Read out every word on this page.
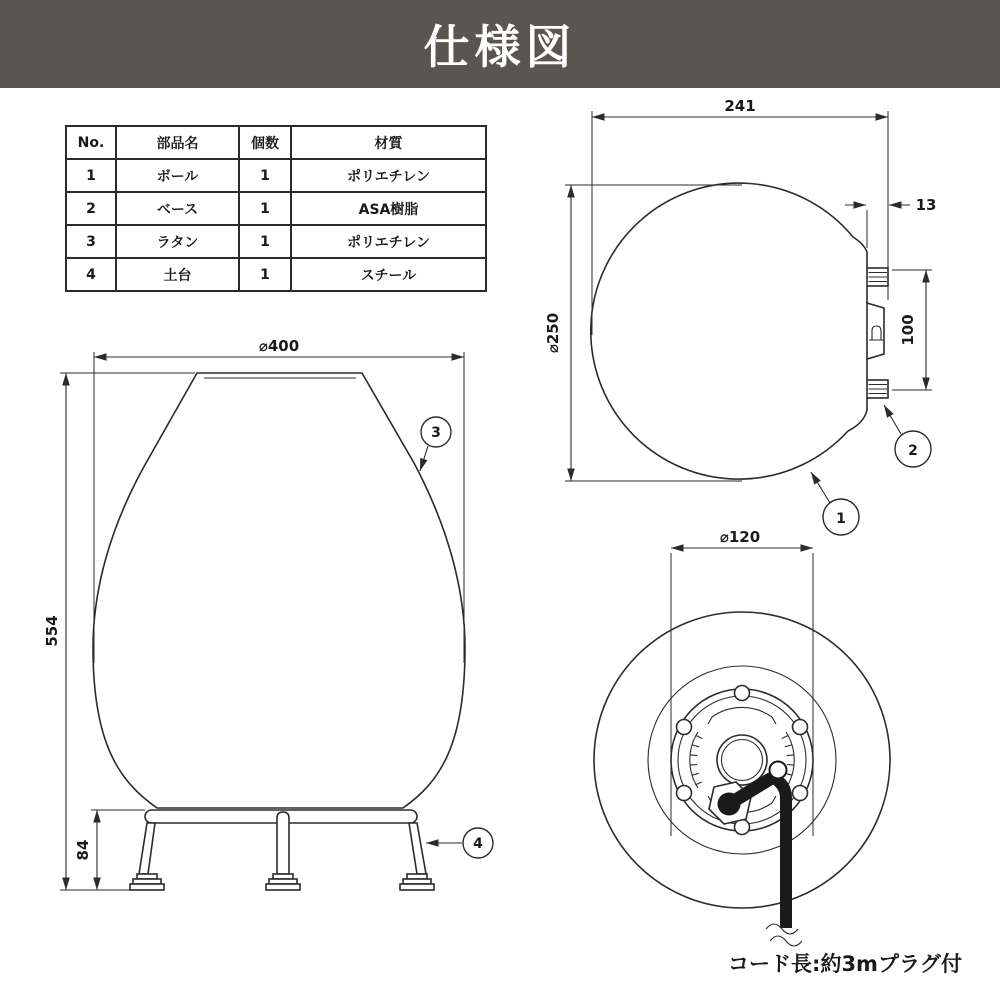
仕様図
No.	部品名	個数	材質
1	ボール	1	ポリエチレン
2	ベース	1	ASA樹脂
3	ラタン	1	ポリエチレン
4	土台	1	スチール
⌀400
554
84
3
4
241
⌀250
13
100
1
2
⌀120
コード長:約3mプラグ付
